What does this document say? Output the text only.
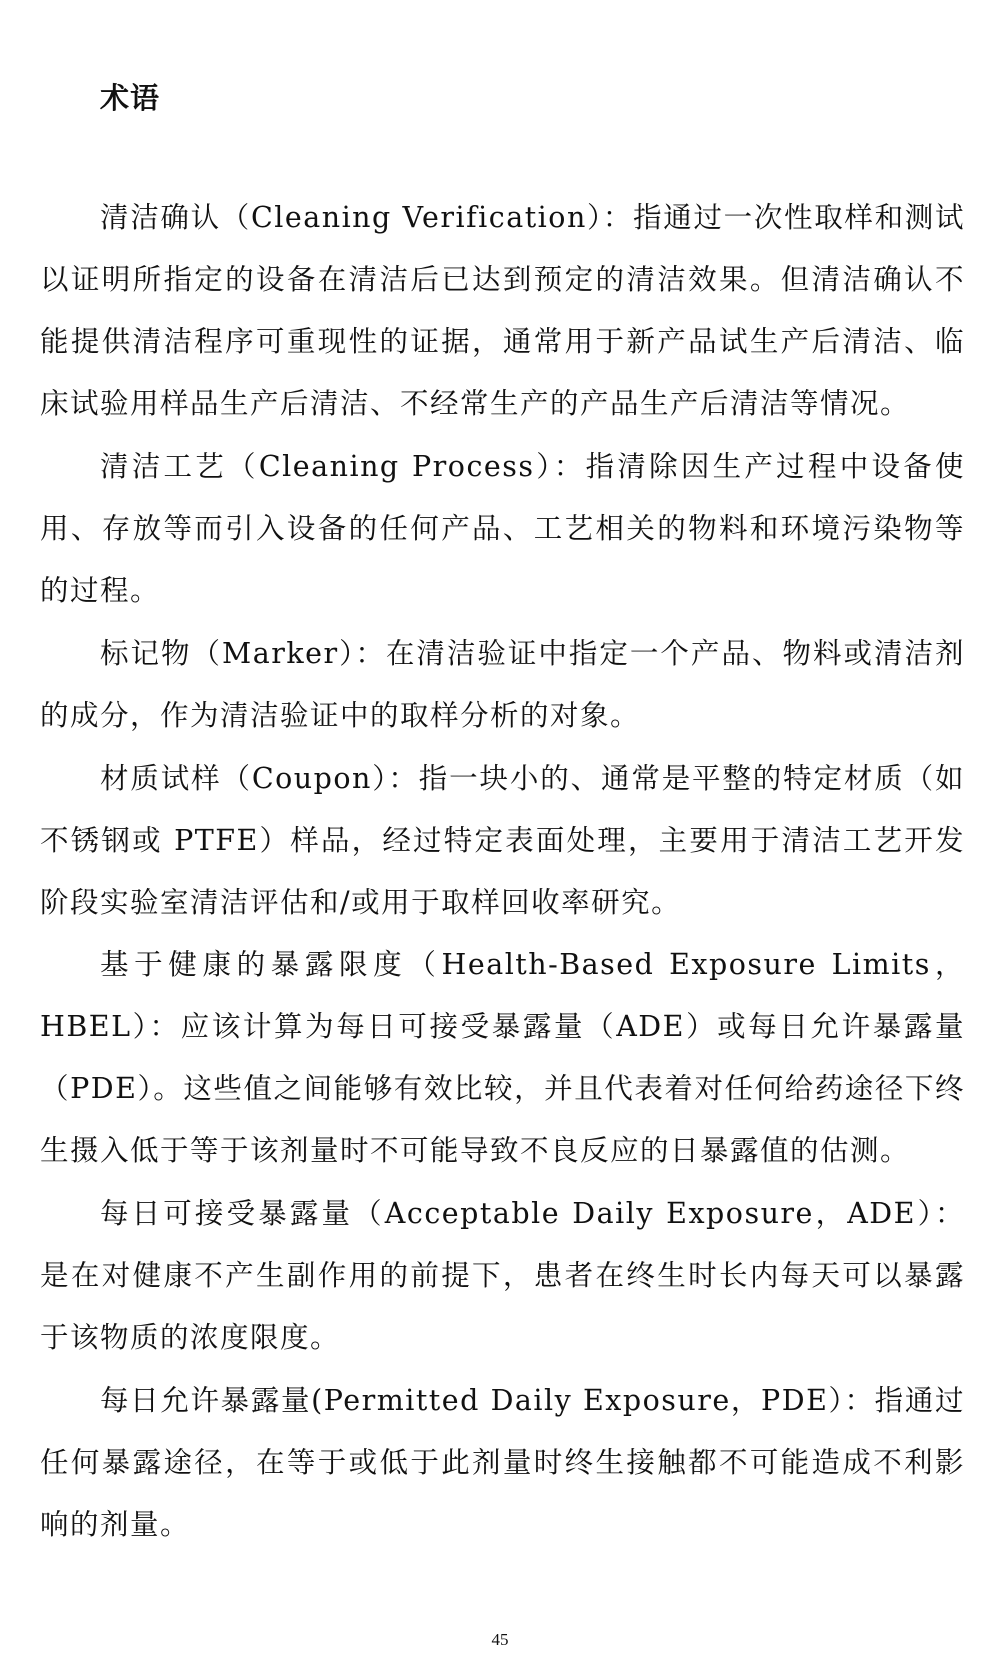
术语

清洁确认（Cleaning Verification）：指通过一次性取样和测试以证明所指定的设备在清洁后已达到预定的清洁效果。但清洁确认不能提供清洁程序可重现性的证据，通常用于新产品试生产后清洁、临床试验用样品生产后清洁、不经常生产的产品生产后清洁等情况。

清洁工艺（Cleaning Process）：指清除因生产过程中设备使用、存放等而引入设备的任何产品、工艺相关的物料和环境污染物等的过程。

标记物（Marker）：在清洁验证中指定一个产品、物料或清洁剂的成分，作为清洁验证中的取样分析的对象。

材质试样（Coupon）：指一块小的、通常是平整的特定材质（如不锈钢或 PTFE）样品，经过特定表面处理，主要用于清洁工艺开发阶段实验室清洁评估和/或用于取样回收率研究。

基于健康的暴露限度（Health-Based Exposure Limits，HBEL）：应该计算为每日可接受暴露量（ADE）或每日允许暴露量（PDE）。这些值之间能够有效比较，并且代表着对任何给药途径下终生摄入低于等于该剂量时不可能导致不良反应的日暴露值的估测。

每日可接受暴露量（Acceptable Daily Exposure，ADE）：是在对健康不产生副作用的前提下，患者在终生时长内每天可以暴露于该物质的浓度限度。

每日允许暴露量(Permitted Daily Exposure，PDE）：指通过任何暴露途径，在等于或低于此剂量时终生接触都不可能造成不利影响的剂量。

45
